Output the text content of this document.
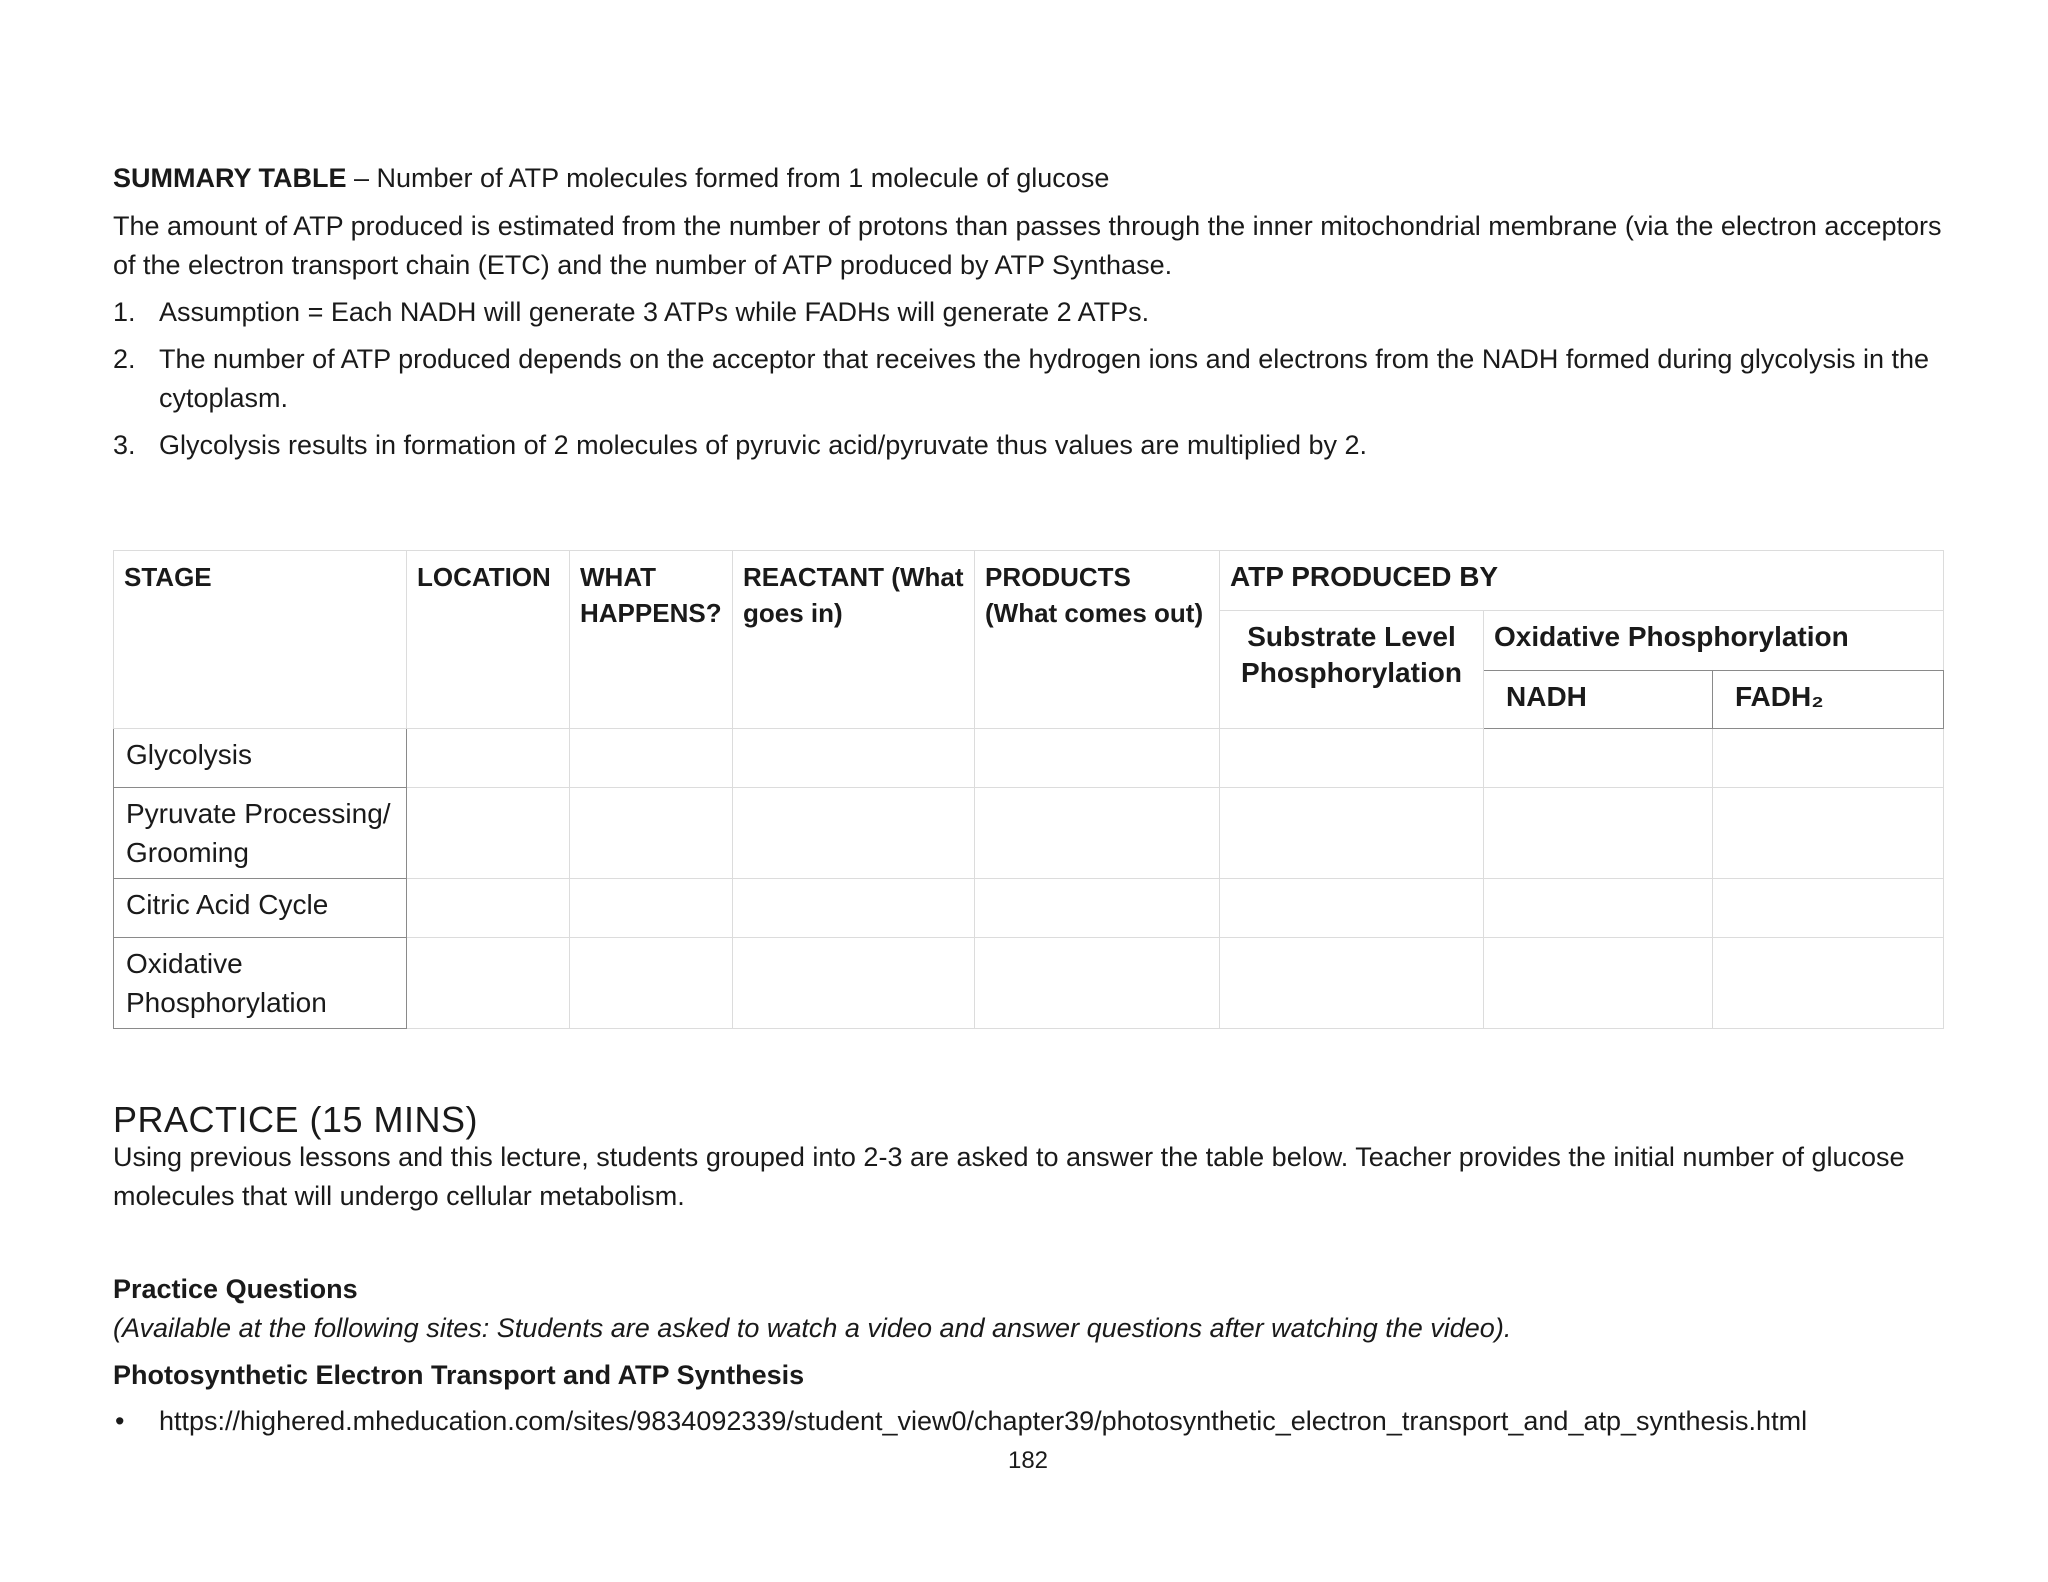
SUMMARY TABLE – Number of ATP molecules formed from 1 molecule of glucose

The amount of ATP produced is estimated from the number of protons than passes through the inner mitochondrial membrane (via the electron acceptors of the electron transport chain (ETC) and the number of ATP produced by ATP Synthase.

1. Assumption = Each NADH will generate 3 ATPs while FADHs will generate 2 ATPs.
2. The number of ATP produced depends on the acceptor that receives the hydrogen ions and electrons from the NADH formed during glycolysis in the cytoplasm.
3. Glycolysis results in formation of 2 molecules of pyruvic acid/pyruvate thus values are multiplied by 2.
STAGE	LOCATION	WHAT HAPPENS?	REACTANT (What goes in)	PRODUCTS (What comes out)	ATP PRODUCED BY		
					Substrate Level Phosphorylation	Oxidative Phosphorylation	
						NADH	FADH₂
Glycolysis							
Pyruvate Processing/ Grooming							
Citric Acid Cycle							
Oxidative Phosphorylation							
PRACTICE (15 MINS)

Using previous lessons and this lecture, students grouped into 2-3 are asked to answer the table below. Teacher provides the initial number of glucose molecules that will undergo cellular metabolism.

Practice Questions

(Available at the following sites: Students are asked to watch a video and answer questions after watching the video).

Photosynthetic Electron Transport and ATP Synthesis

• https://highered.mheducation.com/sites/9834092339/student_view0/chapter39/photosynthetic_electron_transport_and_atp_synthesis.html
182
